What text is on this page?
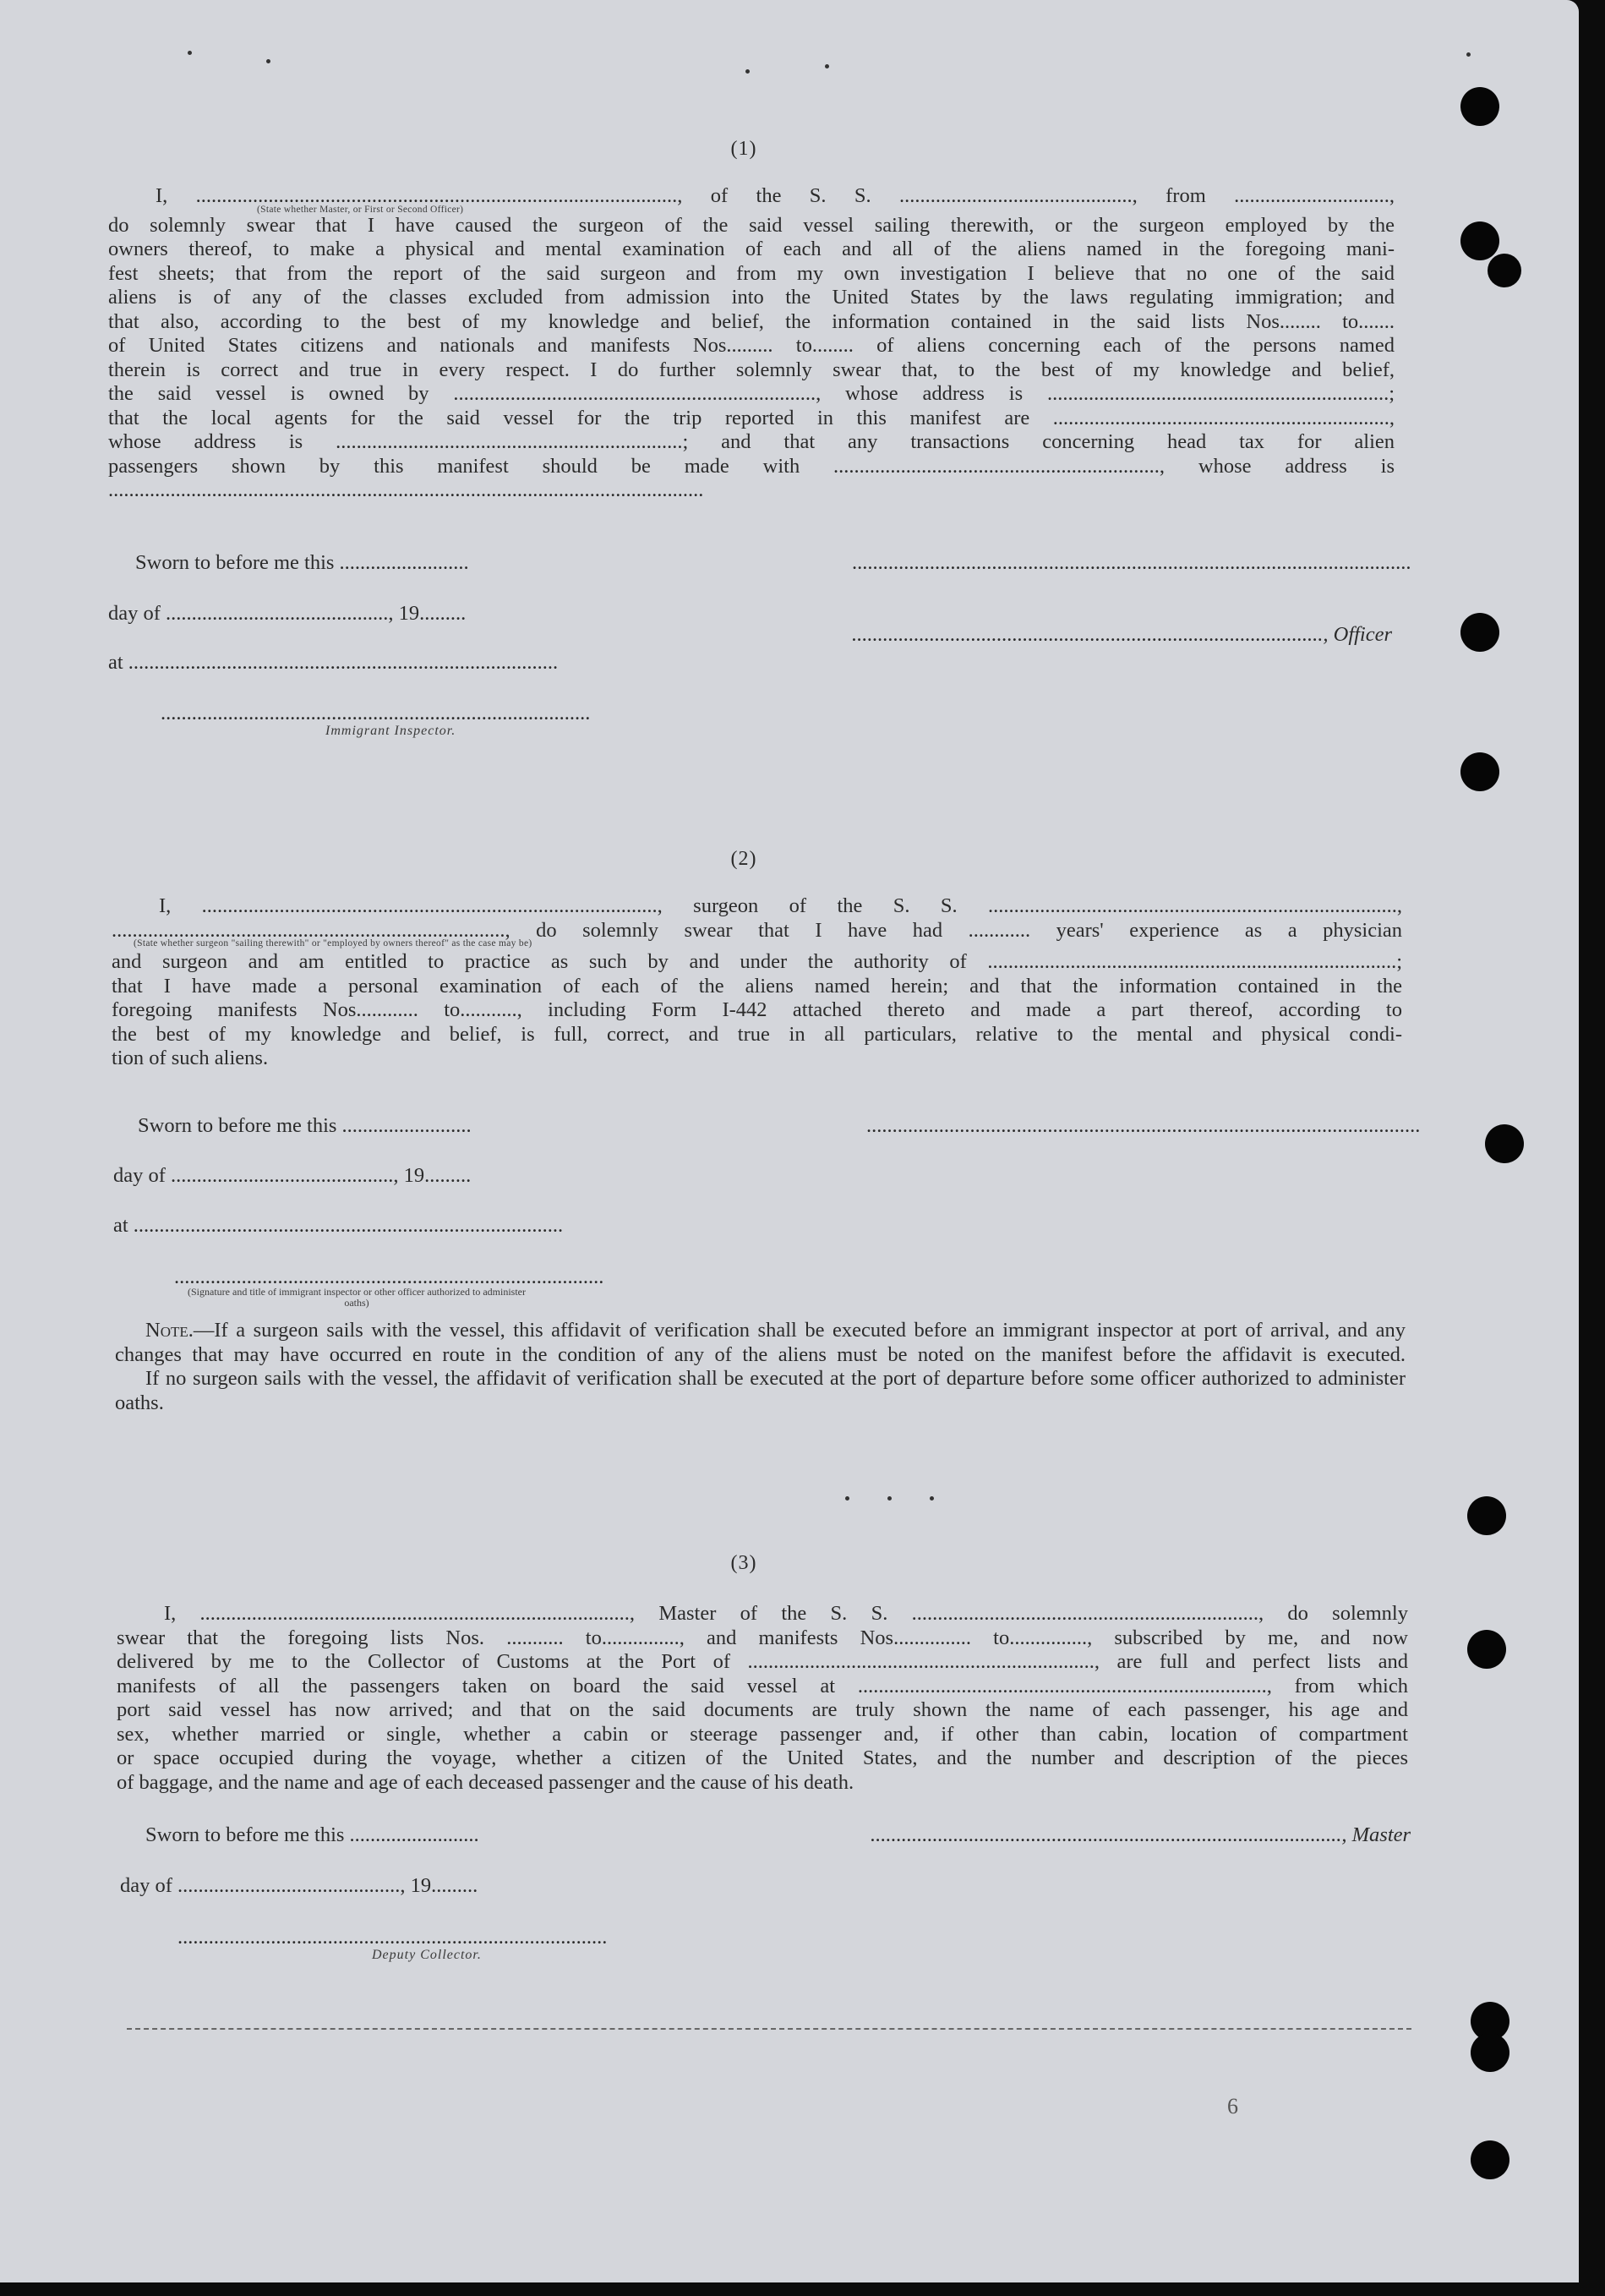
(1)

I, ............................................................................................., of the S. S. ............................................., from ..............................,

(State whether Master, or First or Second Officer)

do solemnly swear that I have caused the surgeon of the said vessel sailing therewith, or the surgeon employed by the

owners thereof, to make a physical and mental examination of each and all of the aliens named in the foregoing mani-

fest sheets; that from the report of the said surgeon and from my own investigation I believe that no one of the said

aliens is of any of the classes excluded from admission into the United States by the laws regulating immigration; and

that also, according to the best of my knowledge and belief, the information contained in the said lists Nos........ to.......

of United States citizens and nationals and manifests Nos......... to........ of aliens concerning each of the persons named

therein is correct and true in every respect. I do further solemnly swear that, to the best of my knowledge and belief,

the said vessel is owned by ......................................................................, whose address is ..................................................................;

that the local agents for the said vessel for the trip reported in this manifest are .................................................................,

whose address is ...................................................................; and that any transactions concerning head tax for alien

passengers shown by this manifest should be made with ..............................................................., whose address is

...................................................................................................................

Sworn to before me this .........................	............................................................................................................
day of ..........................................., 19.........
..........................................................................................., Officer
at ...................................................................................
...................................................................................
Immigrant Inspector.
(2)

I, ........................................................................................, surgeon of the S. S. ...............................................................................,

............................................................................, do solemnly swear that I have had ............ years' experience as a physician

(State whether surgeon "sailing therewith" or "employed by owners thereof" as the case may be)

and surgeon and am entitled to practice as such by and under the authority of ...............................................................................;

that I have made a personal examination of each of the aliens named herein; and that the information contained in the

foregoing manifests Nos............ to..........., including Form I-442 attached thereto and made a part thereof, according to

the best of my knowledge and belief, is full, correct, and true in all particulars, relative to the mental and physical condi-

tion of such aliens.

Sworn to before me this .........................	...........................................................................................................
day of ..........................................., 19.........
at ...................................................................................
...................................................................................
(Signature and title of immigrant inspector or other officer authorized to administer oaths)

Note.—If a surgeon sails with the vessel, this affidavit of verification shall be executed before an immigrant inspector at port of arrival, and any changes that may have occurred en route in the condition of any of the aliens must be noted on the manifest before the affidavit is executed.

If no surgeon sails with the vessel, the affidavit of verification shall be executed at the port of departure before some officer authorized to administer oaths.

(3)

I, ..................................................................................., Master of the S. S. ..................................................................., do solemnly

swear that the foregoing lists Nos. ........... to..............., and manifests Nos............... to..............., subscribed by me, and now

delivered by me to the Collector of Customs at the Port of ..................................................................., are full and perfect lists and

manifests of all the passengers taken on board the said vessel at ..............................................................................., from which

port said vessel has now arrived; and that on the said documents are truly shown the name of each passenger, his age and

sex, whether married or single, whether a cabin or steerage passenger and, if other than cabin, location of compartment

or space occupied during the voyage, whether a citizen of the United States, and the number and description of the pieces

of baggage, and the name and age of each deceased passenger and the cause of his death.

Sworn to before me this .........................	..........................................................................................., Master
day of ..........................................., 19.........
...................................................................................
Deputy Collector.
6
